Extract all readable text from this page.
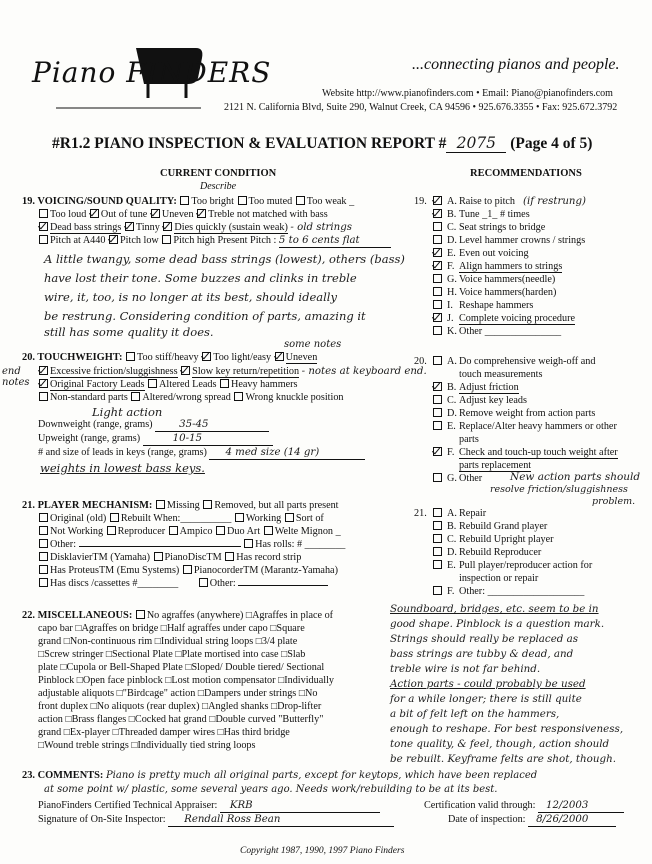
Piano FINDERS	...connecting pianos and people.
Website http://www.pianofinders.com • Email: Piano@pianofinders.com
2121 N. California Blvd, Suite 290, Walnut Creek, CA 94596 • 925.676.3355 • Fax: 925.672.3792
#R1.2 PIANO INSPECTION & EVALUATION REPORT # 2075 (Page 4 of 5)
CURRENT CONDITION
Describe
RECOMMENDATIONS
19. VOICING/SOUND QUALITY: Too bright Too muted Too weak _
Too loud Out of tune Uneven Treble not matched with bass
Dead bass strings Tinny Dies quickly (sustain weak) - old strings
Pitch at A440 Pitch low Pitch high Present Pitch : 5 to 6 cents flat
A little twangy, some dead bass strings (lowest), others (bass)
have lost their tone. Some buzzes and clinks in treble
wire, it, too, is no longer at its best, should ideally
be restrung. Considering condition of parts, amazing it
still has some quality it does.
some notes
20. TOUCHWEIGHT: Too stiff/heavy Too light/easy Uneven
end notes
Excessive friction/sluggishness Slow key return/repetition - notes at keyboard end.
Original Factory Leads Altered Leads Heavy hammers
Non-standard parts Altered/wrong spread Wrong knuckle position
Light action
Downweight (range, grams)	35-45
Upweight (range, grams)	10-15
# and size of leads in keys (range, grams) 4 med size (14 gr)
weights in lowest bass keys.
21. PLAYER MECHANISM: Missing Removed, but all parts present
Original (old) Rebuilt When:__________ Working Sort of
Not Working Reproducer Ampico Duo Art Welte Mignon _
Other:	Has rolls: # ________
DisklavierTM (Yamaha) PianoDiscTM Has record strip
Has ProteusTM (Emu Systems) PianocorderTM (Marantz-Yamaha)
Has discs /cassettes #________	Other:
22. MISCELLANEOUS: No agraffes (anywhere) □Agraffes in place of
capo bar □Agraffes on bridge □Half agraffes under capo □Square
grand □Non-continuous rim □Individual string loops □3/4 plate
□Screw stringer □Sectional Plate □Plate mortised into case □Slab
plate □Cupola or Bell-Shaped Plate □Sloped/ Double tiered/ Sectional
Pinblock □Open face pinblock □Lost motion compensator □Individually
adjustable aliquots □"Birdcage" action □Dampers under strings □No
front duplex □No aliquots (rear duplex) □Angled shanks □Drop-lifter
action □Brass flanges □Cocked hat grand □Double curved "Butterfly"
grand □Ex-player □Threaded damper wires □Has third bridge
□Wound treble strings □Individually tied string loops
19.	A. Raise to pitch (if restrung)
B. Tune _1_ # times
C. Seat strings to bridge
D. Level hammer crowns / strings
E. Even out voicing
F. Align hammers to strings
G. Voice hammers(needle)
H. Voice hammers(harden)
I. Reshape hammers
J. Complete voicing procedure
K. Other _______________
20.	A. Do comprehensive weigh-off and
touch measurements
B. Adjust friction
C. Adjust key leads
D. Remove weight from action parts
E. Replace/Alter heavy hammers or other
parts
F. Check and touch-up touch weight after
parts replacement
G. Other	New action parts should
resolve friction/sluggishness
problem.
21.	A. Repair
B. Rebuild Grand player
C. Rebuild Upright player
D. Rebuild Reproducer
E. Pull player/reproducer action for
inspection or repair
F. Other: ___________________
Soundboard, bridges, etc. seem to be in
good shape. Pinblock is a question mark.
Strings should really be replaced as
bass strings are tubby & dead, and
treble wire is not far behind.
Action parts - could probably be used
for a while longer; there is still quite
a bit of felt left on the hammers,
enough to reshape. For best responsiveness,
tone quality, & feel, though, action should
be rebuilt. Keyframe felts are shot, though.
23. COMMENTS: Piano is pretty much all original parts, except for keytops, which have been replaced
at some point w/ plastic, some several years ago. Needs work/rebuilding to be at its best.
PianoFinders Certified Technical Appraiser: KRB	Certification valid through: 12/2003
Signature of On-Site Inspector: Rendall Ross Bean	Date of inspection: 8/26/2000
Copyright 1987, 1990, 1997 Piano Finders
